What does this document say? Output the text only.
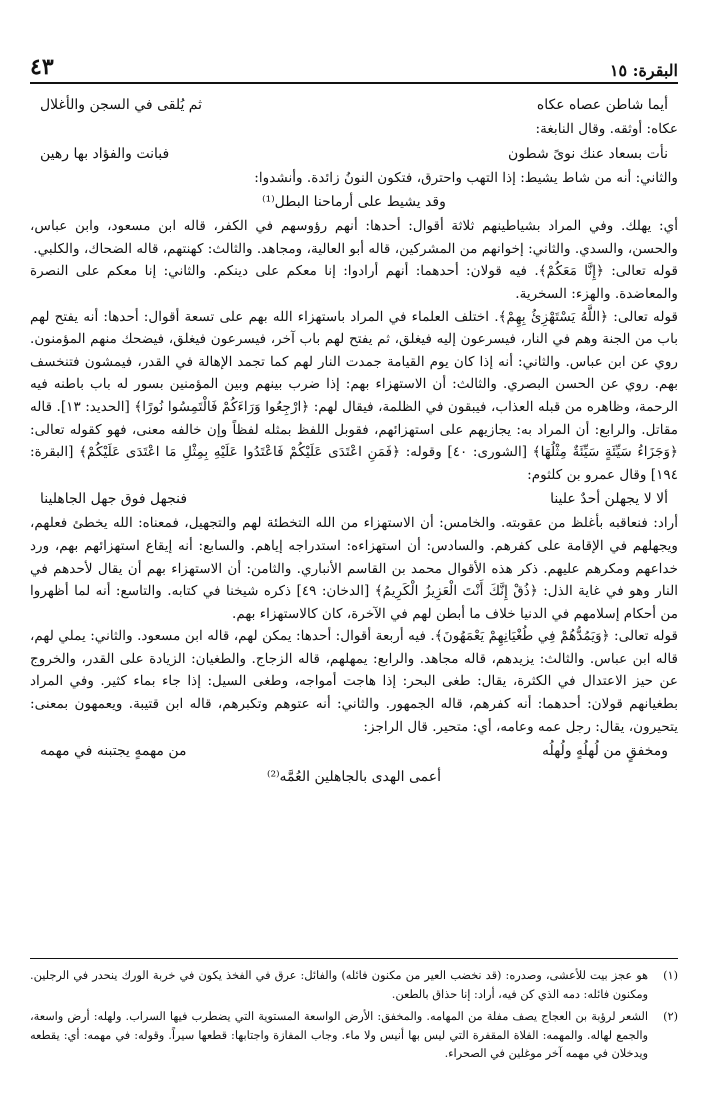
البقرة: ١٥
٤٣
أيما شاطن عصاه عكاه
ثم يُلقى في السجن والأغلال

عكاه: أوثقه. وقال النابغة:

نأت بسعاد عنك نوىً شطون
فبانت والفؤاد بها رهين

والثاني: أنه من شاط يشيط: إذا التهب واحترق، فتكون النونُ زائدة. وأنشدوا:

وقد يشيط على أرماحنا البطل⁽¹⁾

أي: يهلك. وفي المراد بشياطينهم ثلاثة أقوال: أحدها: أنهم رؤوسهم في الكفر، قاله ابن مسعود، وابن عباس، والحسن، والسدي. والثاني: إخوانهم من المشركين، قاله أبو العالية، ومجاهد. والثالث: كهنتهم، قاله الضحاك، والكلبي.

قوله تعالى: ﴿إِنَّا مَعَكُمْ﴾. فيه قولان: أحدهما: أنهم أرادوا: إنا معكم على دينكم. والثاني: إنا معكم على النصرة والمعاضدة. والهزء: السخرية.

قوله تعالى: ﴿اللَّهُ يَسْتَهْزِئُ بِهِمْ﴾. اختلف العلماء في المراد باستهزاء الله بهم على تسعة أقوال: أحدها: أنه يفتح لهم باب من الجنة وهم في النار، فيسرعون إليه فيغلق، ثم يفتح لهم باب آخر، فيسرعون فيغلق، فيضحك منهم المؤمنون. روي عن ابن عباس. والثاني: أنه إذا كان يوم القيامة جمدت النار لهم كما تجمد الإهالة في القدر، فيمشون فتنخسف بهم. روي عن الحسن البصري. والثالث: أن الاستهزاء بهم: إذا ضرب بينهم وبين المؤمنين بسور له باب باطنه فيه الرحمة، وظاهره من قبله العذاب، فيبقون في الظلمة، فيقال لهم: ﴿ارْجِعُوا وَرَاءَكُمْ فَالْتَمِسُوا نُورًا﴾ [الحديد: ١٣]. قاله مقاتل. والرابع: أن المراد به: يجازيهم على استهزائهم، فقوبل اللفظ بمثله لفظاً وإن خالفه معنى، فهو كقوله تعالى: ﴿وَجَزَاءُ سَيِّئَةٍ سَيِّئَةٌ مِثْلُهَا﴾ [الشورى: ٤٠] وقوله: ﴿فَمَنِ اعْتَدَى عَلَيْكُمْ فَاعْتَدُوا عَلَيْهِ بِمِثْلِ مَا اعْتَدَى عَلَيْكُمْ﴾ [البقرة: ١٩٤] وقال عمرو بن كلثوم:

ألا لا يجهلن أحدٌ علينا
فنجهل فوق جهل الجاهلينا

أراد: فنعاقبه بأغلظ من عقوبته. والخامس: أن الاستهزاء من الله التخطئة لهم والتجهيل، فمعناه: الله يخطئ فعلهم، ويجهلهم في الإقامة على كفرهم. والسادس: أن استهزاءه: استدراجه إياهم. والسابع: أنه إيقاع استهزائهم بهم، ورد خداعهم ومكرهم عليهم. ذكر هذه الأقوال محمد بن القاسم الأنباري. والثامن: أن الاستهزاء بهم أن يقال لأحدهم في النار وهو في غاية الذل: ﴿ذُقْ إِنَّكَ أَنْتَ الْعَزِيزُ الْكَرِيمُ﴾ [الدخان: ٤٩] ذكره شيخنا في كتابه. والتاسع: أنه لما أظهروا من أحكام إسلامهم في الدنيا خلاف ما أبطن لهم في الآخرة، كان كالاستهزاء بهم.

قوله تعالى: ﴿وَيَمُدُّهُمْ فِي طُغْيَانِهِمْ يَعْمَهُونَ﴾. فيه أربعة أقوال: أحدها: يمكن لهم، قاله ابن مسعود. والثاني: يملي لهم، قاله ابن عباس. والثالث: يزيدهم، قاله مجاهد. والرابع: يمهلهم، قاله الزجاج. والطغيان: الزيادة على القدر، والخروج عن حيز الاعتدال في الكثرة، يقال: طغى البحر: إذا هاجت أمواجه، وطغى السيل: إذا جاء بماء كثير. وفي المراد بطغيانهم قولان: أحدهما: أنه كفرهم، قاله الجمهور. والثاني: أنه عتوهم وتكبرهم، قاله ابن قتيبة. ويعمهون بمعنى: يتحيرون، يقال: رجل عمه وعامه، أي: متحير. قال الراجز:

ومخفقٍ من لُهلُهٍ ولُهلُه
من مهمهٍ يجتبنه في مهمه
أعمى الهدى بالجاهلين العُمَّه⁽²⁾
(١)
هو عجز بيت للأعشى، وصدره: (قد نخضب العير من مكنون فائله) والفائل: عرق في الفخذ يكون في خربة الورك ينحدر في الرجلين. ومكنون فائله: دمه الذي كن فيه، أراد: إنا حذاق بالطعن.
(٢)
الشعر لرؤبة بن العجاج يصف مفلة من المهامه. والمخفق: الأرض الواسعة المستوية التي يضطرب فيها السراب. ولهله: أرض واسعة، والجمع لهاله. والمهمه: الفلاة المقفرة التي ليس بها أنيس ولا ماء. وجاب المفازة واجتابها: قطعها سيراً. وقوله: في مهمه: أي: يقطعه ويدخلان في مهمه آخر موغلين في الصحراء.
